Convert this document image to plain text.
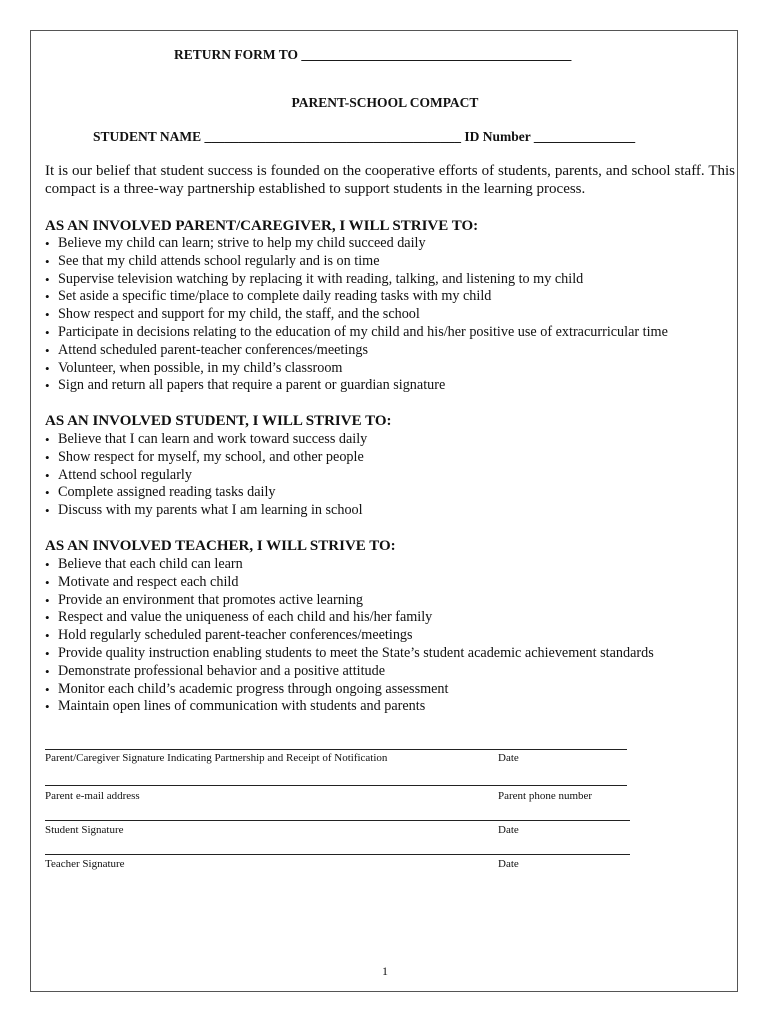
RETURN FORM TO ________________________________________
PARENT-SCHOOL COMPACT
STUDENT NAME ______________________________________ ID Number _______________
It is our belief that student success is founded on the cooperative efforts of students, parents, and school staff. This compact is a three-way partnership established to support students in the learning process.
AS AN INVOLVED PARENT/CAREGIVER, I WILL STRIVE TO:
• Believe my child can learn; strive to help my child succeed daily
• See that my child attends school regularly and is on time
• Supervise television watching by replacing it with reading, talking, and listening to my child
• Set aside a specific time/place to complete daily reading tasks with my child
• Show respect and support for my child, the staff, and the school
• Participate in decisions relating to the education of my child and his/her positive use of extracurricular time
• Attend scheduled parent-teacher conferences/meetings
• Volunteer, when possible, in my child’s classroom
• Sign and return all papers that require a parent or guardian signature
AS AN INVOLVED STUDENT, I WILL STRIVE TO:
• Believe that I can learn and work toward success daily
• Show respect for myself, my school, and other people
• Attend school regularly
• Complete assigned reading tasks daily
• Discuss with my parents what I am learning in school
AS AN INVOLVED TEACHER, I WILL STRIVE TO:
• Believe that each child can learn
• Motivate and respect each child
• Provide an environment that promotes active learning
• Respect and value the uniqueness of each child and his/her family
• Hold regularly scheduled parent-teacher conferences/meetings
• Provide quality instruction enabling students to meet the State’s student academic achievement standards
• Demonstrate professional behavior and a positive attitude
• Monitor each child’s academic progress through ongoing assessment
• Maintain open lines of communication with students and parents
Parent/Caregiver Signature Indicating Partnership and Receipt of Notification	Date
Parent e-mail address	Parent phone number
Student Signature	Date
Teacher Signature	Date
1
